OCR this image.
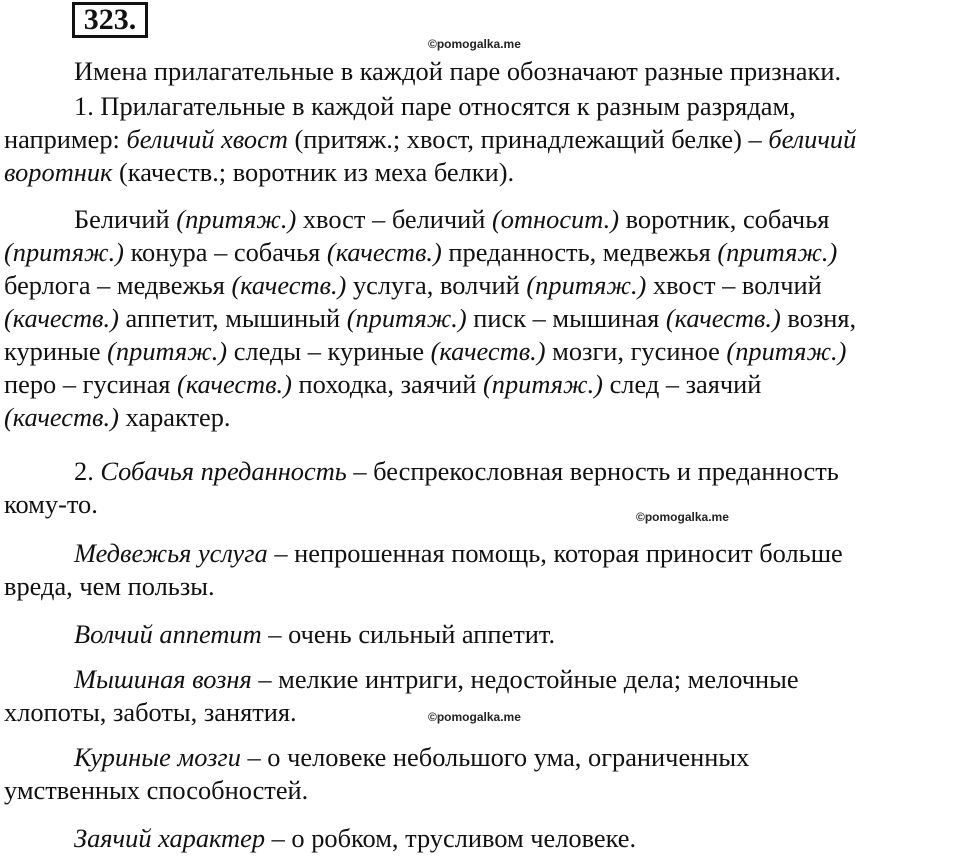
323.
©pomogalka.me
©pomogalka.me
©pomogalka.me
Имена прилагательные в каждой паре обозначают разные признаки.
1. Прилагательные в каждой паре относятся к разным разрядам,
например: беличий хвост (притяж.; хвост, принадлежащий белке) – беличий
воротник (качеств.; воротник из меха белки).
Беличий (притяж.) хвост – беличий (относит.) воротник, собачья
(притяж.) конура – собачья (качеств.) преданность, медвежья (притяж.)
берлога – медвежья (качеств.) услуга, волчий (притяж.) хвост – волчий
(качеств.) аппетит, мышиный (притяж.) писк – мышиная (качеств.) возня,
куриные (притяж.) следы – куриные (качеств.) мозги, гусиное (притяж.)
перо – гусиная (качеств.) походка, заячий (притяж.) след – заячий
(качеств.) характер.
2. Собачья преданность – беспрекословная верность и преданность
кому-то.
Медвежья услуга – непрошенная помощь, которая приносит больше
вреда, чем пользы.
Волчий аппетит – очень сильный аппетит.
Мышиная возня – мелкие интриги, недостойные дела; мелочные
хлопоты, заботы, занятия.
Куриные мозги – о человеке небольшого ума, ограниченных
умственных способностей.
Заячий характер – о робком, трусливом человеке.
